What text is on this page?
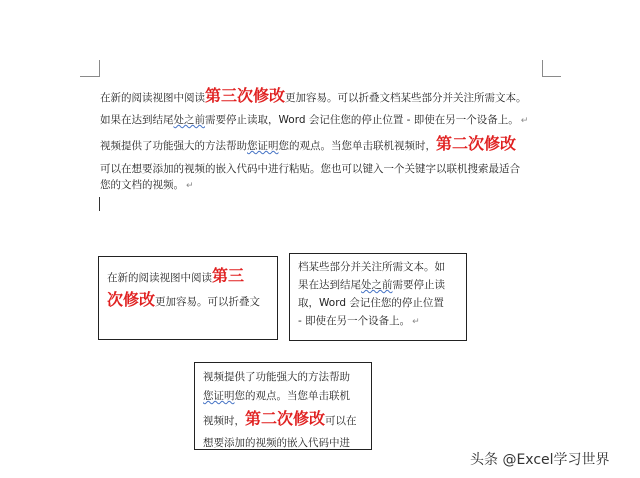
在新的阅读视图中阅读第三次修改更加容易。可以折叠文档某些部分并关注所需文本。
如果在达到结尾处之前需要停止读取，Word 会记住您的停止位置 - 即使在另一个设备上。 ↵
视频提供了功能强大的方法帮助您证明您的观点。当您单击联机视频时，第二次修改
可以在想要添加的视频的嵌入代码中进行粘贴。您也可以键入一个关键字以联机搜索最适合
您的文档的视频。 ↵
在新的阅读视图中阅读第三
次修改更加容易。可以折叠文
档某些部分并关注所需文本。如
果在达到结尾处之前需要停止读
取，Word 会记住您的停止位置
- 即使在另一个设备上。 ↵
视频提供了功能强大的方法帮助
您证明您的观点。当您单击联机
视频时，第二次修改可以在
想要添加的视频的嵌入代码中进
头条 @Excel学习世界
